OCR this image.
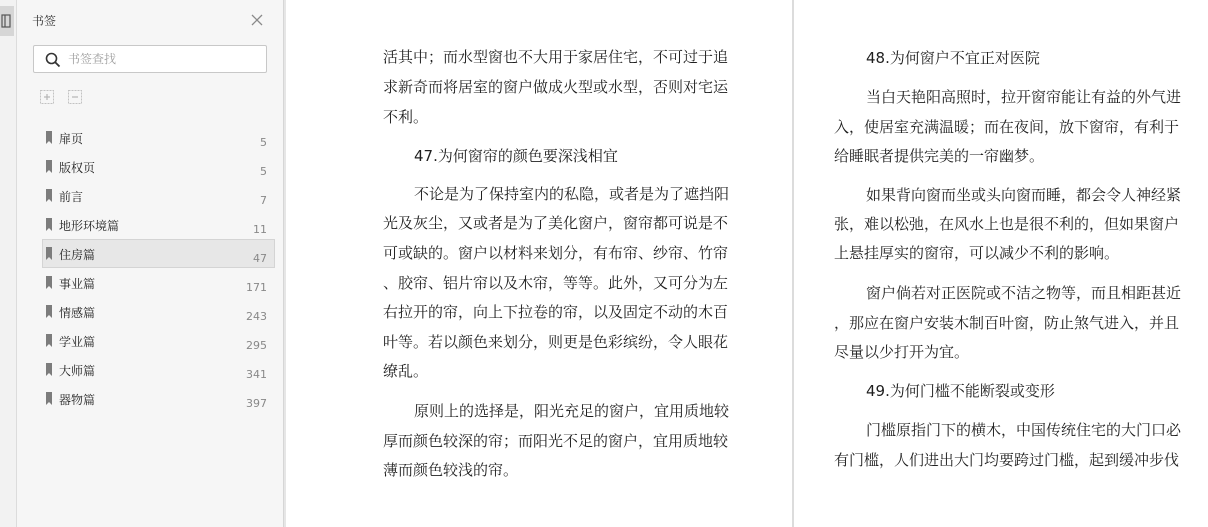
书签
书签查找
扉页	5
版权页	5
前言	7
地形环境篇	11
住房篇	47
事业篇	171
情感篇	243
学业篇	295
大师篇	341
器物篇	397
活其中；而水型窗也不大用于家居住宅，不可过于追
求新奇而将居室的窗户做成火型或水型，否则对宅运
不利。
47.为何窗帘的颜色要深浅相宜
不论是为了保持室内的私隐，或者是为了遮挡阳
光及灰尘，又或者是为了美化窗户，窗帘都可说是不
可或缺的。窗户以材料来划分，有布帘、纱帘、竹帘
、胶帘、铝片帘以及木帘，等等。此外，又可分为左
右拉开的帘，向上下拉卷的帘，以及固定不动的木百
叶等。若以颜色来划分，则更是色彩缤纷，令人眼花
缭乱。
原则上的选择是，阳光充足的窗户，宜用质地较
厚而颜色较深的帘；而阳光不足的窗户，宜用质地较
薄而颜色较浅的帘。
48.为何窗户不宜正对医院
当白天艳阳高照时，拉开窗帘能让有益的外气进
入，使居室充满温暖；而在夜间，放下窗帘，有利于
给睡眠者提供完美的一帘幽梦。
如果背向窗而坐或头向窗而睡，都会令人神经紧
张，难以松弛，在风水上也是很不利的，但如果窗户
上悬挂厚实的窗帘，可以减少不利的影响。
窗户倘若对正医院或不洁之物等，而且相距甚近
，那应在窗户安装木制百叶窗，防止煞气进入，并且
尽量以少打开为宜。
49.为何门槛不能断裂或变形
门槛原指门下的横木，中国传统住宅的大门口必
有门槛，人们进出大门均要跨过门槛，起到缓冲步伐
